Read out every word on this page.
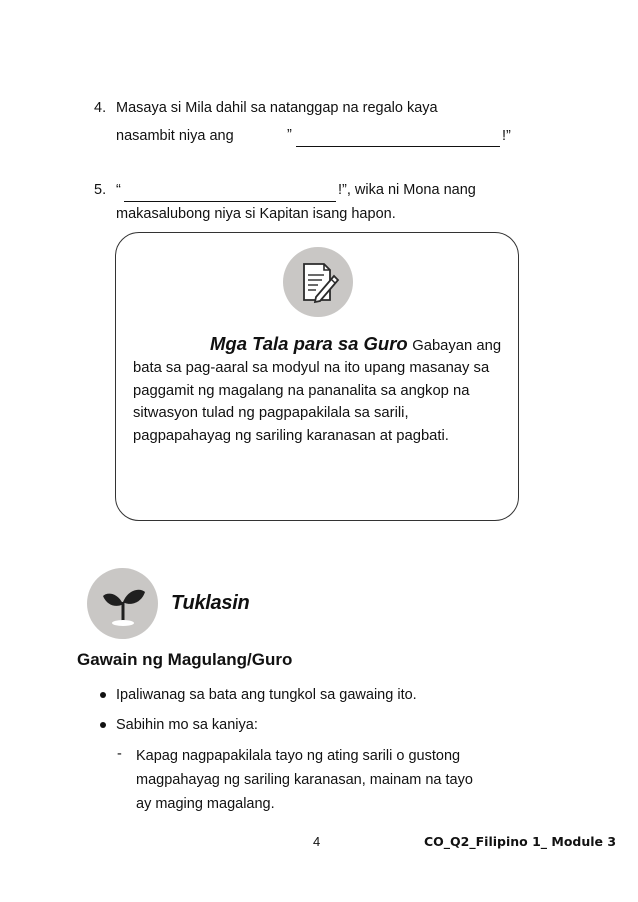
4. Masaya si Mila dahil sa natanggap na regalo kaya
nasambit niya ang	”	!”
5. “	!”, wika ni Mona nang
makasalubong niya si Kapitan isang hapon.
Mga Tala para sa Guro Gabayan ang
bata sa pag-aaral sa modyul na ito upang masanay sa
paggamit ng magalang na pananalita sa angkop na
sitwasyon tulad ng pagpapakilala sa sarili,
pagpapahayag ng sariling karanasan at pagbati.
Tuklasin
Gawain ng Magulang/Guro
Ipaliwanag sa bata ang tungkol sa gawaing ito.
Sabihin mo sa kaniya:
- Kapag nagpapakilala tayo ng ating sarili o gustong
magpahayag ng sariling karanasan, mainam na tayo
ay maging magalang.
4	CO_Q2_Filipino 1_ Module 3
